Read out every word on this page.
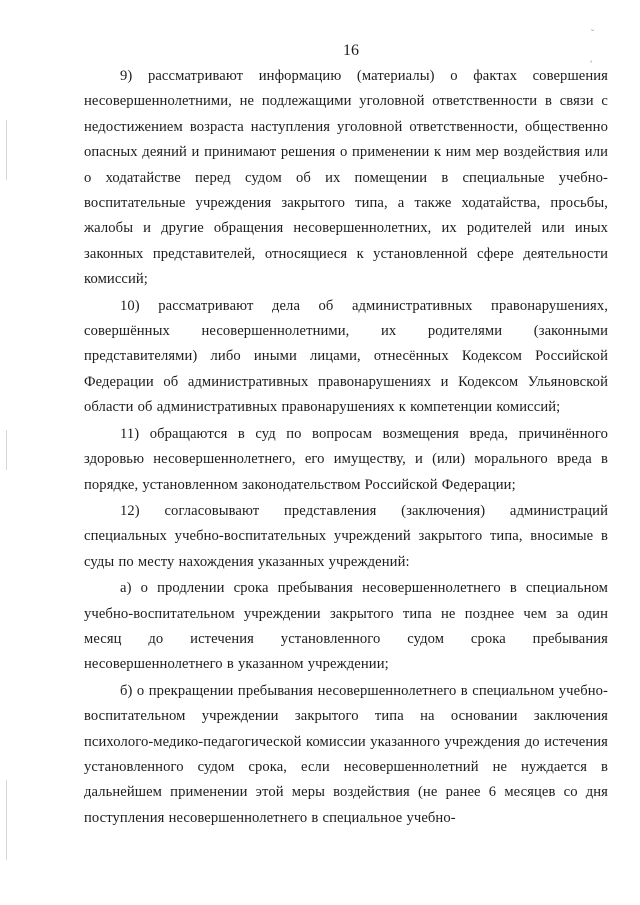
˘
˚
16

9) рассматривают информацию (материалы) о фактах совершения несовершеннолетними, не подлежащими уголовной ответственности в связи с недостижением возраста наступления уголовной ответственности, общественно опасных деяний и принимают решения о применении к ним мер воздействия или о ходатайстве перед судом об их помещении в специальные учебно-воспитательные учреждения закрытого типа, а также ходатайства, просьбы, жалобы и другие обращения несовершеннолетних, их родителей или иных законных представителей, относящиеся к установленной сфере деятельности комиссий;

10) рассматривают дела об административных правонарушениях, совершённых несовершеннолетними, их родителями (законными представителями) либо иными лицами, отнесённых Кодексом Российской Федерации об административных правонарушениях и Кодексом Ульяновской области об административных правонарушениях к компетенции комиссий;

11) обращаются в суд по вопросам возмещения вреда, причинённого здоровью несовершеннолетнего, его имуществу, и (или) морального вреда в порядке, установленном законодательством Российской Федерации;

12) согласовывают представления (заключения) администраций специальных учебно-воспитательных учреждений закрытого типа, вносимые в суды по месту нахождения указанных учреждений:

а) о продлении срока пребывания несовершеннолетнего в специальном учебно-воспитательном учреждении закрытого типа не позднее чем за один месяц до истечения установленного судом срока пребывания несовершеннолетнего в указанном учреждении;

б) о прекращении пребывания несовершеннолетнего в специальном учебно-воспитательном учреждении закрытого типа на основании заключения психолого-медико-педагогической комиссии указанного учреждения до истечения установленного судом срока, если несовершеннолетний не нуждается в дальнейшем применении этой меры воздействия (не ранее 6 месяцев со дня поступления несовершеннолетнего в специальное учебно-
